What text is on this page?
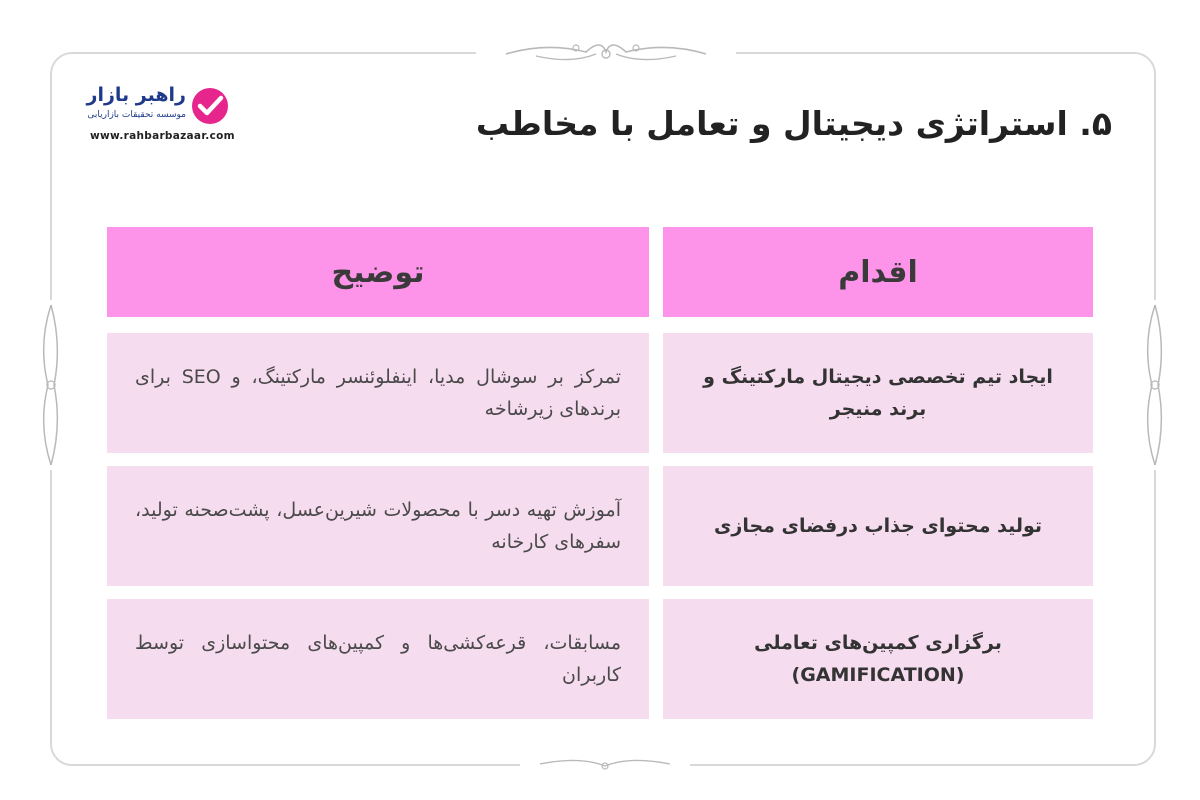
راهبر بازار
موسسه تحقیقات بازاریابی
www.rahbarbazaar.com	۵. استراتژی دیجیتال و تعامل با مخاطب
اقدام
توضیح
ایجاد تیم تخصصی دیجیتال مارکتینگ و برند منیجر
تمرکز بر سوشال مدیا، اینفلوئنسر مارکتینگ، و SEO برای برندهای زیرشاخه
تولید محتوای جذاب درفضای مجازی
آموزش تهیه دسر با محصولات شیرین‌عسل، پشت‌صحنه تولید، سفرهای کارخانه
برگزاری کمپین‌های تعاملی (GAMIFICATION)
مسابقات، قرعه‌کشی‌ها و کمپین‌های محتواسازی توسط کاربران
